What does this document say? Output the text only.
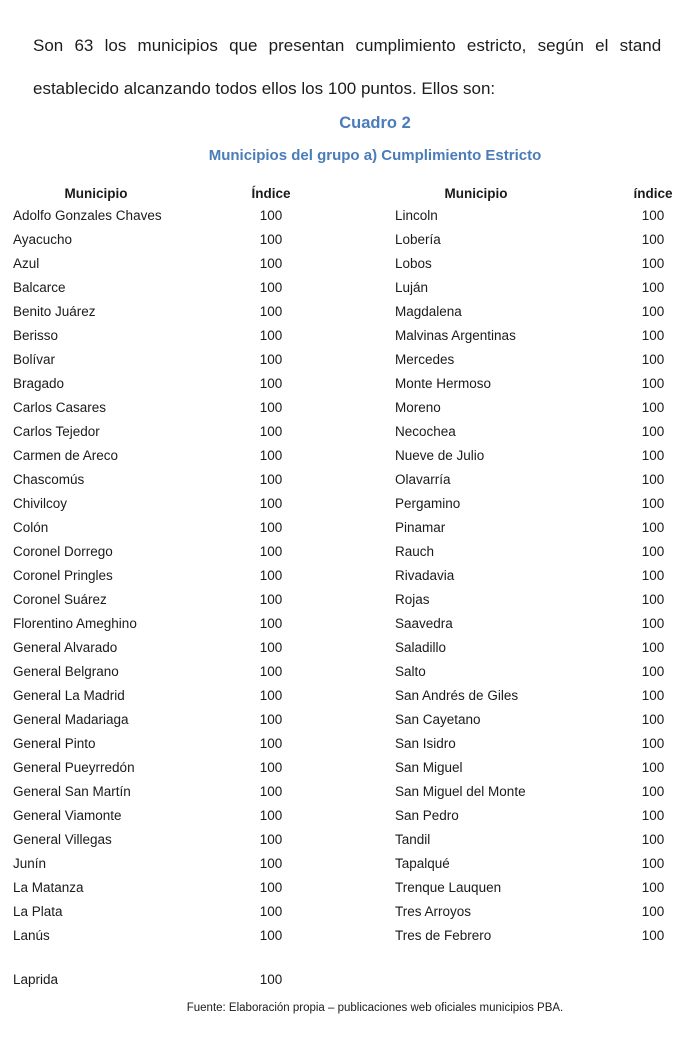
Son 63 los municipios que presentan cumplimiento estricto, según el stand
establecido alcanzando todos ellos los 100 puntos. Ellos son:

Cuadro 2
Municipios del grupo a) Cumplimiento Estricto
Municipio	Índice	Municipio	índice
Adolfo Gonzales Chaves	100	Lincoln	100
Ayacucho	100	Lobería	100
Azul	100	Lobos	100
Balcarce	100	Luján	100
Benito Juárez	100	Magdalena	100
Berisso	100	Malvinas Argentinas	100
Bolívar	100	Mercedes	100
Bragado	100	Monte Hermoso	100
Carlos Casares	100	Moreno	100
Carlos Tejedor	100	Necochea	100
Carmen de Areco	100	Nueve de Julio	100
Chascomús	100	Olavarría	100
Chivilcoy	100	Pergamino	100
Colón	100	Pinamar	100
Coronel Dorrego	100	Rauch	100
Coronel Pringles	100	Rivadavia	100
Coronel Suárez	100	Rojas	100
Florentino Ameghino	100	Saavedra	100
General Alvarado	100	Saladillo	100
General Belgrano	100	Salto	100
General La Madrid	100	San Andrés de Giles	100
General Madariaga	100	San Cayetano	100
General Pinto	100	San Isidro	100
General Pueyrredón	100	San Miguel	100
General San Martín	100	San Miguel del Monte	100
General Viamonte	100	San Pedro	100
General Villegas	100	Tandil	100
Junín	100	Tapalqué	100
La Matanza	100	Trenque Lauquen	100
La Plata	100	Tres Arroyos	100
Lanús	100	Tres de Febrero	100
Laprida	100
Fuente: Elaboración propia – publicaciones web oficiales municipios PBA.
